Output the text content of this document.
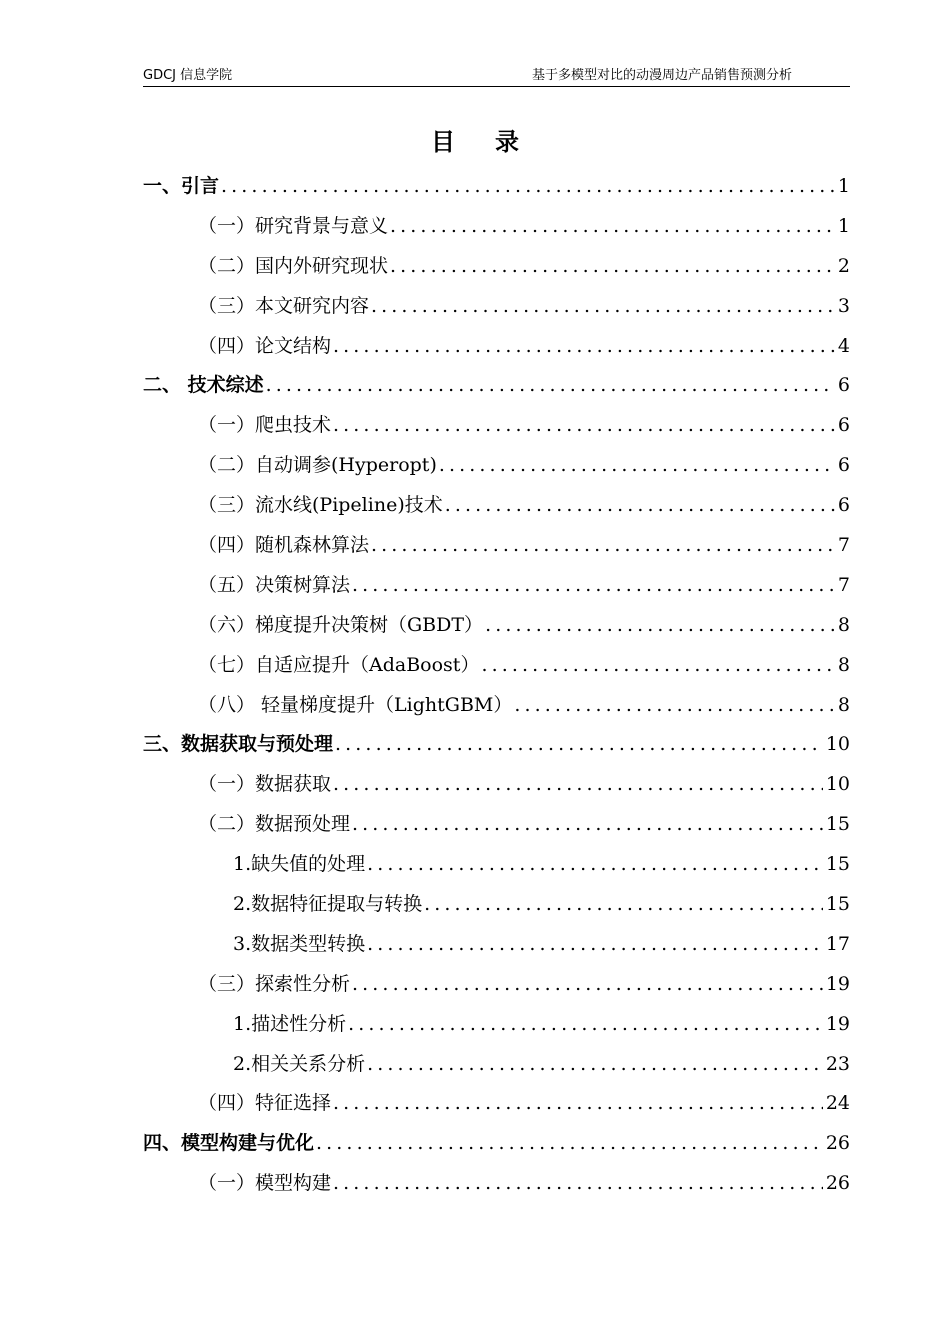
GDCJ 信息学院	基于多模型对比的动漫周边产品销售预测分析
目录
一、引言 .....	1
（一）研究背景与意义 .....	1
（二）国内外研究现状 .....	2
（三）本文研究内容 .....	3
（四）论文结构 .....	4
二、 技术综述 .....	6
（一）爬虫技术 .....	6
（二）自动调参(Hyperopt) .....	6
（三）流水线(Pipeline)技术 .....	6
（四）随机森林算法 .....	7
（五）决策树算法 .....	7
（六）梯度提升决策树（GBDT） .....	8
（七）自适应提升（AdaBoost） .....	8
（八） 轻量梯度提升（LightGBM） .....	8
三、数据获取与预处理 .....	10
（一）数据获取 .....	10
（二）数据预处理 .....	15
1.缺失值的处理 .....	15
2.数据特征提取与转换 .....	15
3.数据类型转换 .....	17
（三）探索性分析 .....	19
1.描述性分析 .....	19
2.相关关系分析 .....	23
（四）特征选择 .....	24
四、模型构建与优化 .....	26
（一）模型构建 .....	26
